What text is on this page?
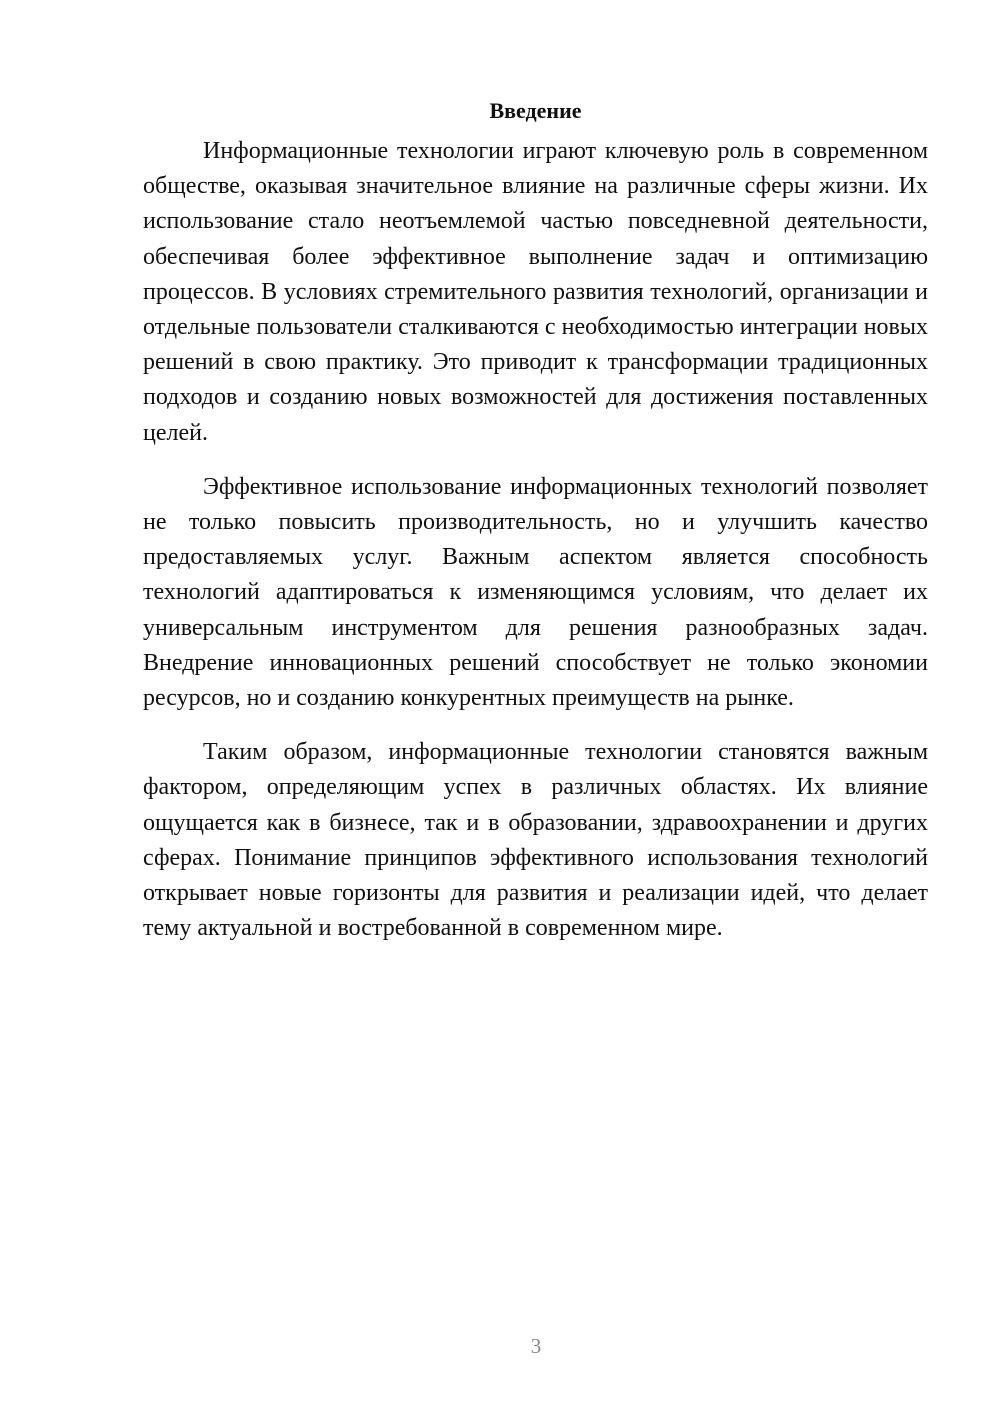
Введение

Информационные технологии играют ключевую роль в современном обществе, оказывая значительное влияние на различные сферы жизни. Их использование стало неотъемлемой частью повседневной деятельности, обеспечивая более эффективное выполнение задач и оптимизацию процессов. В условиях стремительного развития технологий, организации и отдельные пользователи сталкиваются с необходимостью интеграции новых решений в свою практику. Это приводит к трансформации традиционных подходов и созданию новых возможностей для достижения поставленных целей.

Эффективное использование информационных технологий позволяет не только повысить производительность, но и улучшить качество предоставляемых услуг. Важным аспектом является способность технологий адаптироваться к изменяющимся условиям, что делает их универсальным инструментом для решения разнообразных задач. Внедрение инновационных решений способствует не только экономии ресурсов, но и созданию конкурентных преимуществ на рынке.

Таким образом, информационные технологии становятся важным фактором, определяющим успех в различных областях. Их влияние ощущается как в бизнесе, так и в образовании, здравоохранении и других сферах. Понимание принципов эффективного использования технологий открывает новые горизонты для развития и реализации идей, что делает тему актуальной и востребованной в современном мире.

3
